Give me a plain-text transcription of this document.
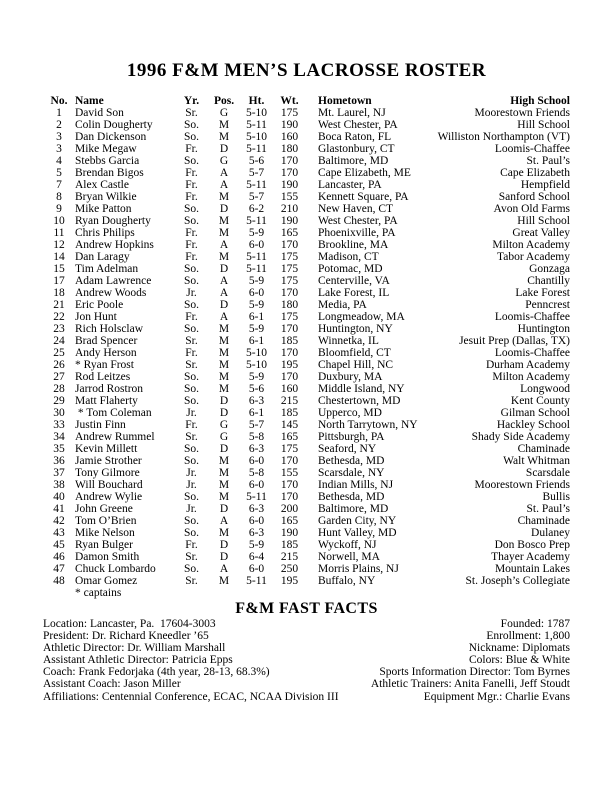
1996 F&M MEN’S LACROSSE ROSTER
No. Name	Yr.	Pos.	Ht.	Wt.	Hometown	High School
1	David Son	Sr.	G	5-10	175	Mt. Laurel, NJ	Moorestown Friends
2	Colin Dougherty	So.	M	5-11	190	West Chester, PA	Hill School
3	Dan Dickenson	So.	M	5-10	160	Boca Raton, FL	Williston Northampton (VT)
3	Mike Megaw	Fr.	D	5-11	180	Glastonbury, CT	Loomis-Chaffee
4	Stebbs Garcia	So.	G	5-6	170	Baltimore, MD	St. Paul’s
5	Brendan Bigos	Fr.	A	5-7	170	Cape Elizabeth, ME	Cape Elizabeth
7	Alex Castle	Fr.	A	5-11	190	Lancaster, PA	Hempfield
8	Bryan Wilkie	Fr.	M	5-7	155	Kennett Square, PA	Sanford School
9	Mike Patton	So.	D	6-2	210	New Haven, CT	Avon Old Farms
10 Ryan Dougherty	So.	M	5-11	190	West Chester, PA	Hill School
11 Chris Philips	Fr.	M	5-9	165	Phoenixville, PA	Great Valley
12 Andrew Hopkins	Fr.	A	6-0	170	Brookline, MA	Milton Academy
14 Dan Laragy	Fr.	M	5-11	175	Madison, CT	Tabor Academy
15 Tim Adelman	So.	D	5-11	175	Potomac, MD	Gonzaga
17 Adam Lawrence	So.	A	5-9	175	Centerville, VA	Chantilly
18 Andrew Woods	Jr.	A	6-0	170	Lake Forest, IL	Lake Forest
21 Eric Poole	So.	D	5-9	180	Media, PA	Penncrest
22 Jon Hunt	Fr.	A	6-1	175	Longmeadow, MA	Loomis-Chaffee
23 Rich Holsclaw	So.	M	5-9	170	Huntington, NY	Huntington
24 Brad Spencer	Sr.	M	6-1	185	Winnetka, IL	Jesuit Prep (Dallas, TX)
25 Andy Herson	Fr.	M	5-10	170	Bloomfield, CT	Loomis-Chaffee
26 * Ryan Frost	Sr.	M	5-10	195	Chapel Hill, NC	Durham Academy
27 Rod Leitzes	So.	M	5-9	170	Duxbury, MA	Milton Academy
28 Jarrod Rostron	So.	M	5-6	160	Middle Island, NY	Longwood
29 Matt Flaherty	So.	D	6-3	215	Chestertown, MD	Kent County
30 * Tom Coleman	Jr.	D	6-1	185	Upperco, MD	Gilman School
33 Justin Finn	Fr.	G	5-7	145	North Tarrytown, NY	Hackley School
34 Andrew Rummel	Sr.	G	5-8	165	Pittsburgh, PA	Shady Side Academy
35 Kevin Millett	So.	D	6-3	175	Seaford, NY	Chaminade
36 Jamie Strother	So.	M	6-0	170	Bethesda, MD	Walt Whitman
37 Tony Gilmore	Jr.	M	5-8	155	Scarsdale, NY	Scarsdale
38 Will Bouchard	Jr.	M	6-0	170	Indian Mills, NJ	Moorestown Friends
40 Andrew Wylie	So.	M	5-11	170	Bethesda, MD	Bullis
41 John Greene	Jr.	D	6-3	200	Baltimore, MD	St. Paul’s
42 Tom O’Brien	So.	A	6-0	165	Garden City, NY	Chaminade
43 Mike Nelson	So.	M	6-3	190	Hunt Valley, MD	Dulaney
45 Ryan Bulger	Fr.	D	5-9	185	Wyckoff, NJ	Don Bosco Prep
46 Damon Smith	Sr.	D	6-4	215	Norwell, MA	Thayer Academy
47 Chuck Lombardo	So.	A	6-0	250	Morris Plains, NJ	Mountain Lakes
48 Omar Gomez	Sr.	M	5-11	195	Buffalo, NY	St. Joseph’s Collegiate
* captains
F&M FAST FACTS
Location: Lancaster, Pa.  17604-3003	Founded: 1787
President: Dr. Richard Kneedler ’65	Enrollment: 1,800
Athletic Director: Dr. William Marshall	Nickname: Diplomats
Assistant Athletic Director: Patricia Epps	Colors: Blue & White
Coach: Frank Fedorjaka (4th year, 28-13, 68.3%)	Sports Information Director: Tom Byrnes
Assistant Coach: Jason Miller	Athletic Trainers: Anita Fanelli, Jeff Stoudt
Affiliations: Centennial Conference, ECAC, NCAA Division III	Equipment Mgr.: Charlie Evans
